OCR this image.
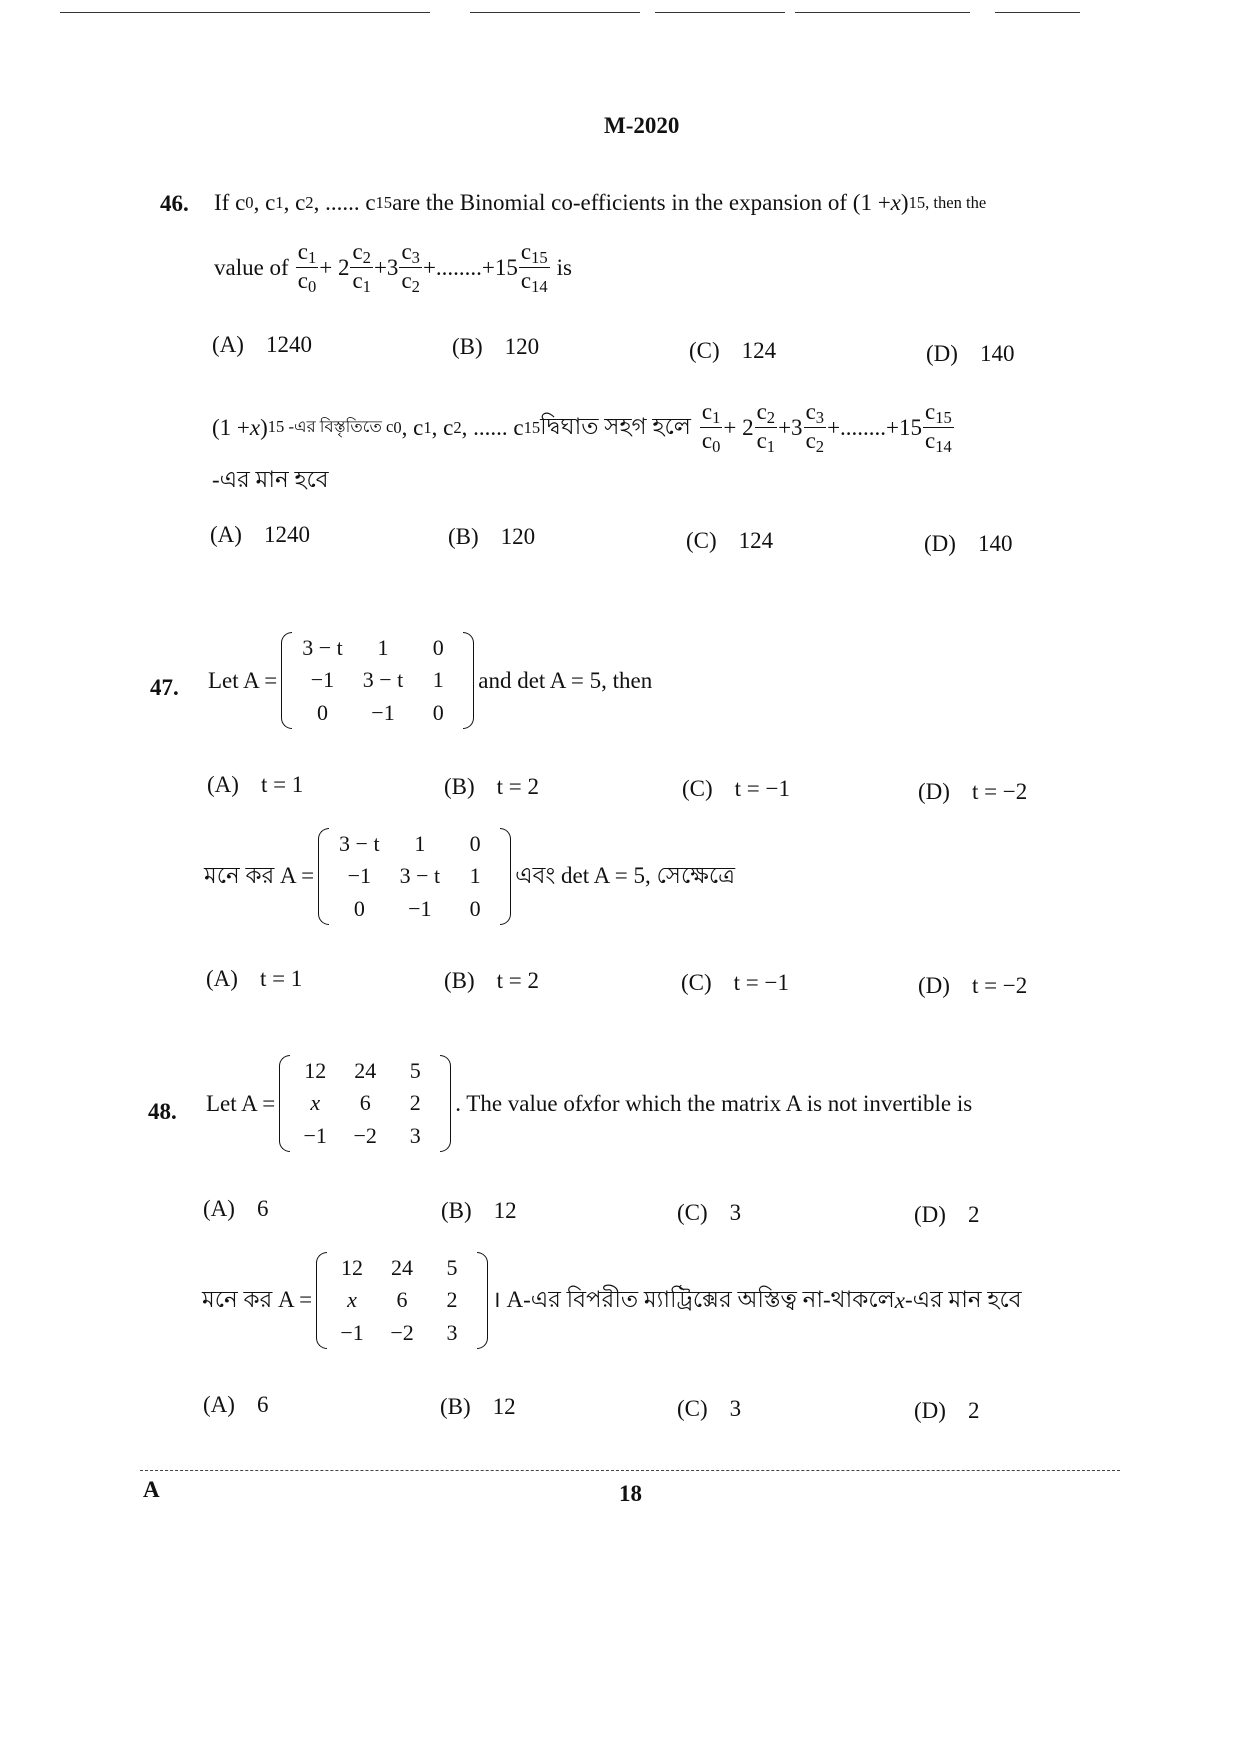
M-2020
46. If c 0 , c 1 , c 2 , ...... c 15 are the Binomial co-efficients in the expansion of (1 + x ) 15, then the
value of $\frac{c_1}{c_0} + 2 \frac{c_2}{c_1} +3 \frac{c_3}{c_2} +........+15 \frac{c_{15}}{c_{14}}$ is
(A) 1240	(B) 120	(C) 124	(D) 140
(1 + x ) 15 -এর বিস্তৃতিতে c 0 , c 1 , c 2 , ...... c 15 দ্বিঘাত সহগ হলে $\frac{c_1}{c_0} + 2 \frac{c_2}{c_1} +3 \frac{c_3}{c_2} +........+15 \frac{c_{15}}{c_{14}}$
-এর মান হবে
(A) 1240	(B) 120	(C) 124	(D) 140
47. Let A =
3 − t	1	0
−1	3 − t	1
0	−1	0
and det A = 5, then
(A) t = 1	(B) t = 2	(C) t = −1	(D) t = −2
মনে কর A =
3 − t	1	0
−1	3 − t	1
0	−1	0
এবং det A = 5, সেক্ষেত্রে
(A) t = 1	(B) t = 2	(C) t = −1	(D) t = −2
48. Let A =
12	24	5
x	6	2
−1	−2	3
. The value of x for which the matrix A is not invertible is
(A) 6	(B) 12	(C) 3	(D) 2
মনে কর A =
12	24	5
x	6	2
−1	−2	3
। A-এর বিপরীত ম্যাট্রিক্সের অস্তিত্ব না-থাকলে x -এর মান হবে
(A) 6	(B) 12	(C) 3	(D) 2
A	18
